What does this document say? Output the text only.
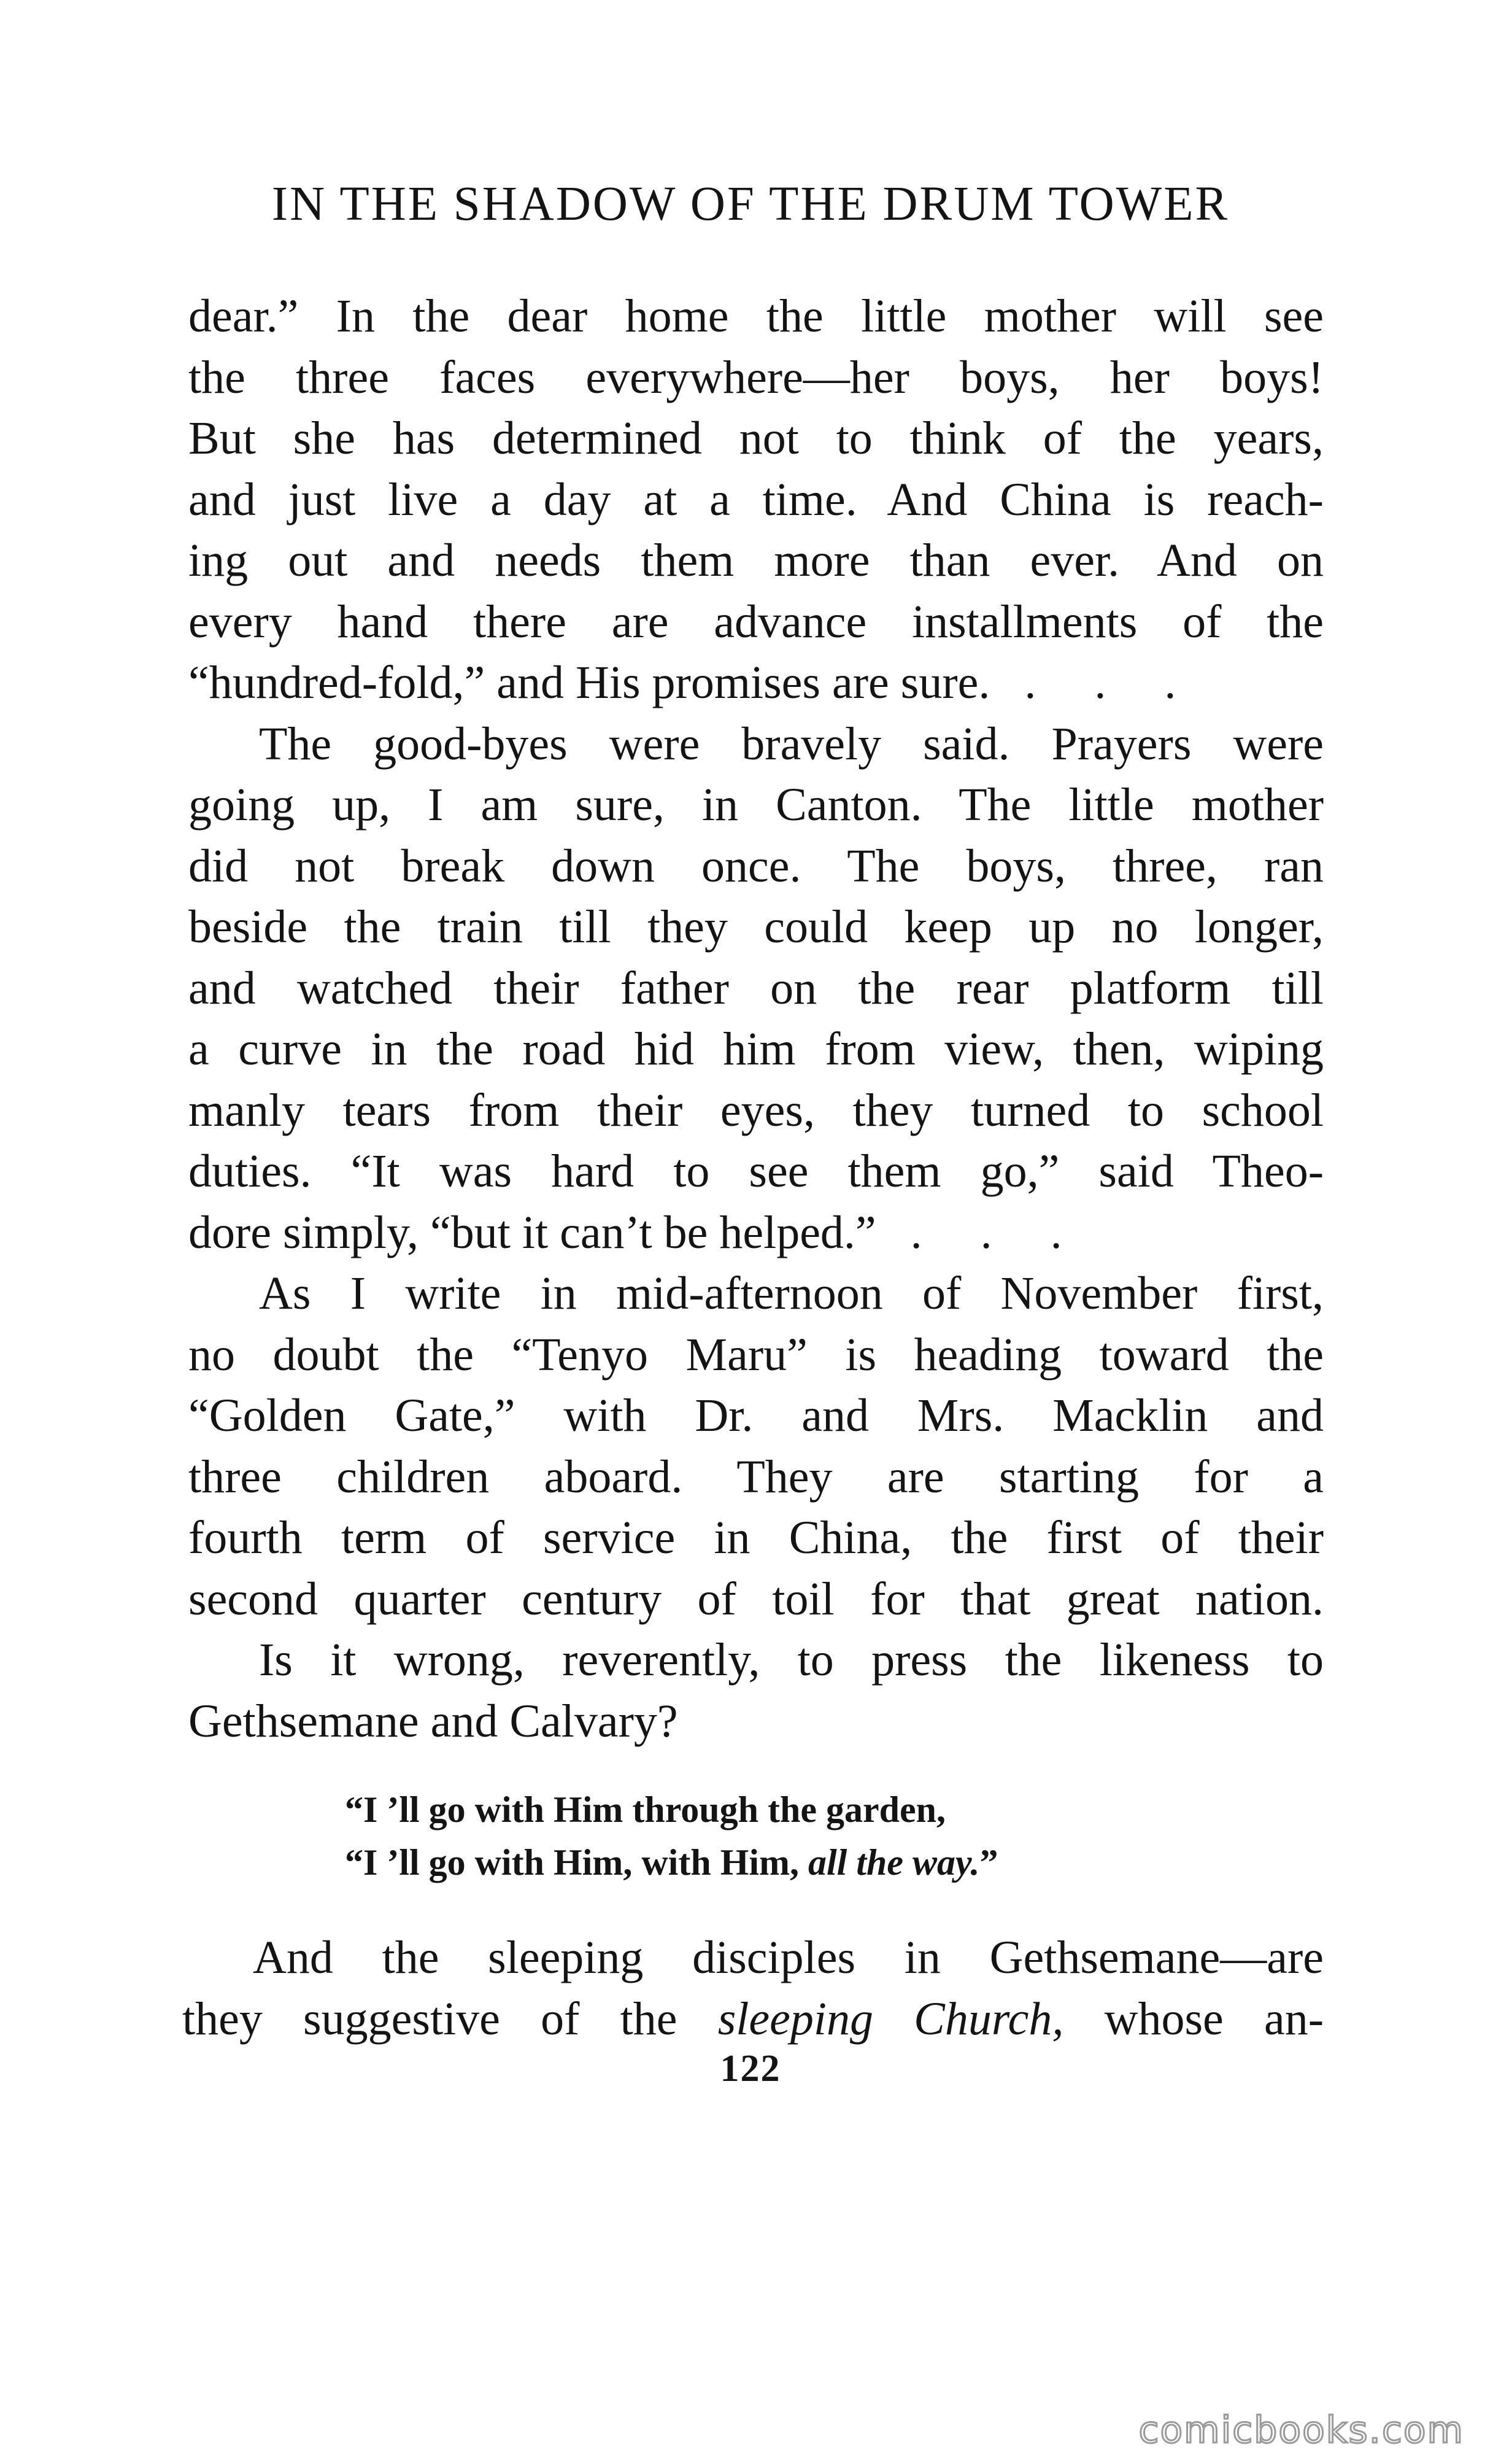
IN THE SHADOW OF THE DRUM TOWER
dear.” In the dear home the little mother will see
the three faces everywhere—her boys, her boys!
But she has determined not to think of the years,
and just live a day at a time. And China is reach-
ing out and needs them more than ever. And on
every hand there are advance installments of the
“hundred-fold,” and His promises are sure. . . .
The good-byes were bravely said. Prayers were
going up, I am sure, in Canton. The little mother
did not break down once. The boys, three, ran
beside the train till they could keep up no longer,
and watched their father on the rear platform till
a curve in the road hid him from view, then, wiping
manly tears from their eyes, they turned to school
duties. “It was hard to see them go,” said Theo-
dore simply, “but it can’t be helped.” . . .
As I write in mid-afternoon of November first,
no doubt the “Tenyo Maru” is heading toward the
“Golden Gate,” with Dr. and Mrs. Macklin and
three children aboard. They are starting for a
fourth term of service in China, the first of their
second quarter century of toil for that great nation.
Is it wrong, reverently, to press the likeness to
Gethsemane and Calvary?
“I ’ll go with Him through the garden,
“I ’ll go with Him, with Him, all the way.”
And the sleeping disciples in Gethsemane—are
they suggestive of the sleeping Church, whose an-
122
comicbooks.com
